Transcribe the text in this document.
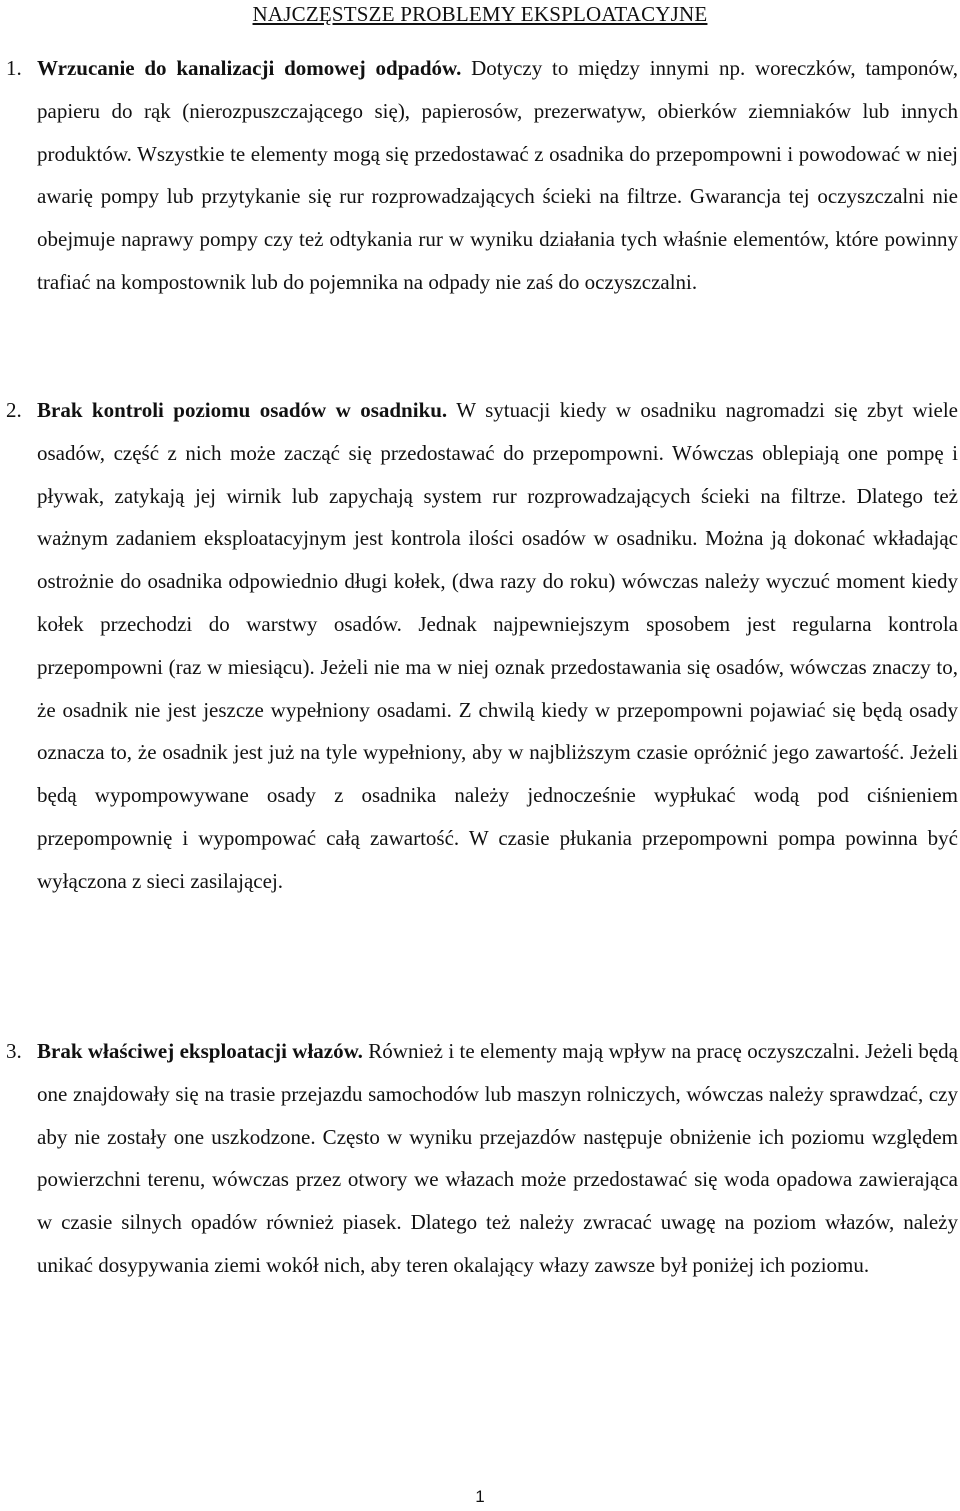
NAJCZĘSTSZE PROBLEMY EKSPLOATACYJNE
1. Wrzucanie do kanalizacji domowej odpadów. Dotyczy to między innymi np. woreczków, tamponów, papieru do rąk (nierozpuszczającego się), papierosów, prezerwatyw, obierków ziemniaków lub innych produktów. Wszystkie te elementy mogą się przedostawać z osadnika do przepompowni i powodować w niej awarię pompy lub przytykanie się rur rozprowadzających ścieki na filtrze. Gwarancja tej oczyszczalni nie obejmuje naprawy pompy czy też odtykania rur w wyniku działania tych właśnie elementów, które powinny trafiać na kompostownik lub do pojemnika na odpady nie zaś do oczyszczalni.
2. Brak kontroli poziomu osadów w osadniku. W sytuacji kiedy w osadniku nagromadzi się zbyt wiele osadów, część z nich może zacząć się przedostawać do przepompowni. Wówczas oblepiają one pompę i pływak, zatykają jej wirnik lub zapychają system rur rozprowadzających ścieki na filtrze. Dlatego też ważnym zadaniem eksploatacyjnym jest kontrola ilości osadów w osadniku. Można ją dokonać wkładając ostrożnie do osadnika odpowiednio długi kołek, (dwa razy do roku) wówczas należy wyczuć moment kiedy kołek przechodzi do warstwy osadów. Jednak najpewniejszym sposobem jest regularna kontrola przepompowni (raz w miesiącu). Jeżeli nie ma w niej oznak przedostawania się osadów, wówczas znaczy to, że osadnik nie jest jeszcze wypełniony osadami. Z chwilą kiedy w przepompowni pojawiać się będą osady oznacza to, że osadnik jest już na tyle wypełniony, aby w najbliższym czasie opróżnić jego zawartość. Jeżeli będą wypompowywane osady z osadnika należy jednocześnie wypłukać wodą pod ciśnieniem przepompownię i wypompować całą zawartość. W czasie płukania przepompowni pompa powinna być wyłączona z sieci zasilającej.
3. Brak właściwej eksploatacji włazów. Również i te elementy mają wpływ na pracę oczyszczalni. Jeżeli będą one znajdowały się na trasie przejazdu samochodów lub maszyn rolniczych, wówczas należy sprawdzać, czy aby nie zostały one uszkodzone. Często w wyniku przejazdów następuje obniżenie ich poziomu względem powierzchni terenu, wówczas przez otwory we włazach może przedostawać się woda opadowa zawierająca w czasie silnych opadów również piasek. Dlatego też należy zwracać uwagę na poziom włazów, należy unikać dosypywania ziemi wokół nich, aby teren okalający włazy zawsze był poniżej ich poziomu.
1
